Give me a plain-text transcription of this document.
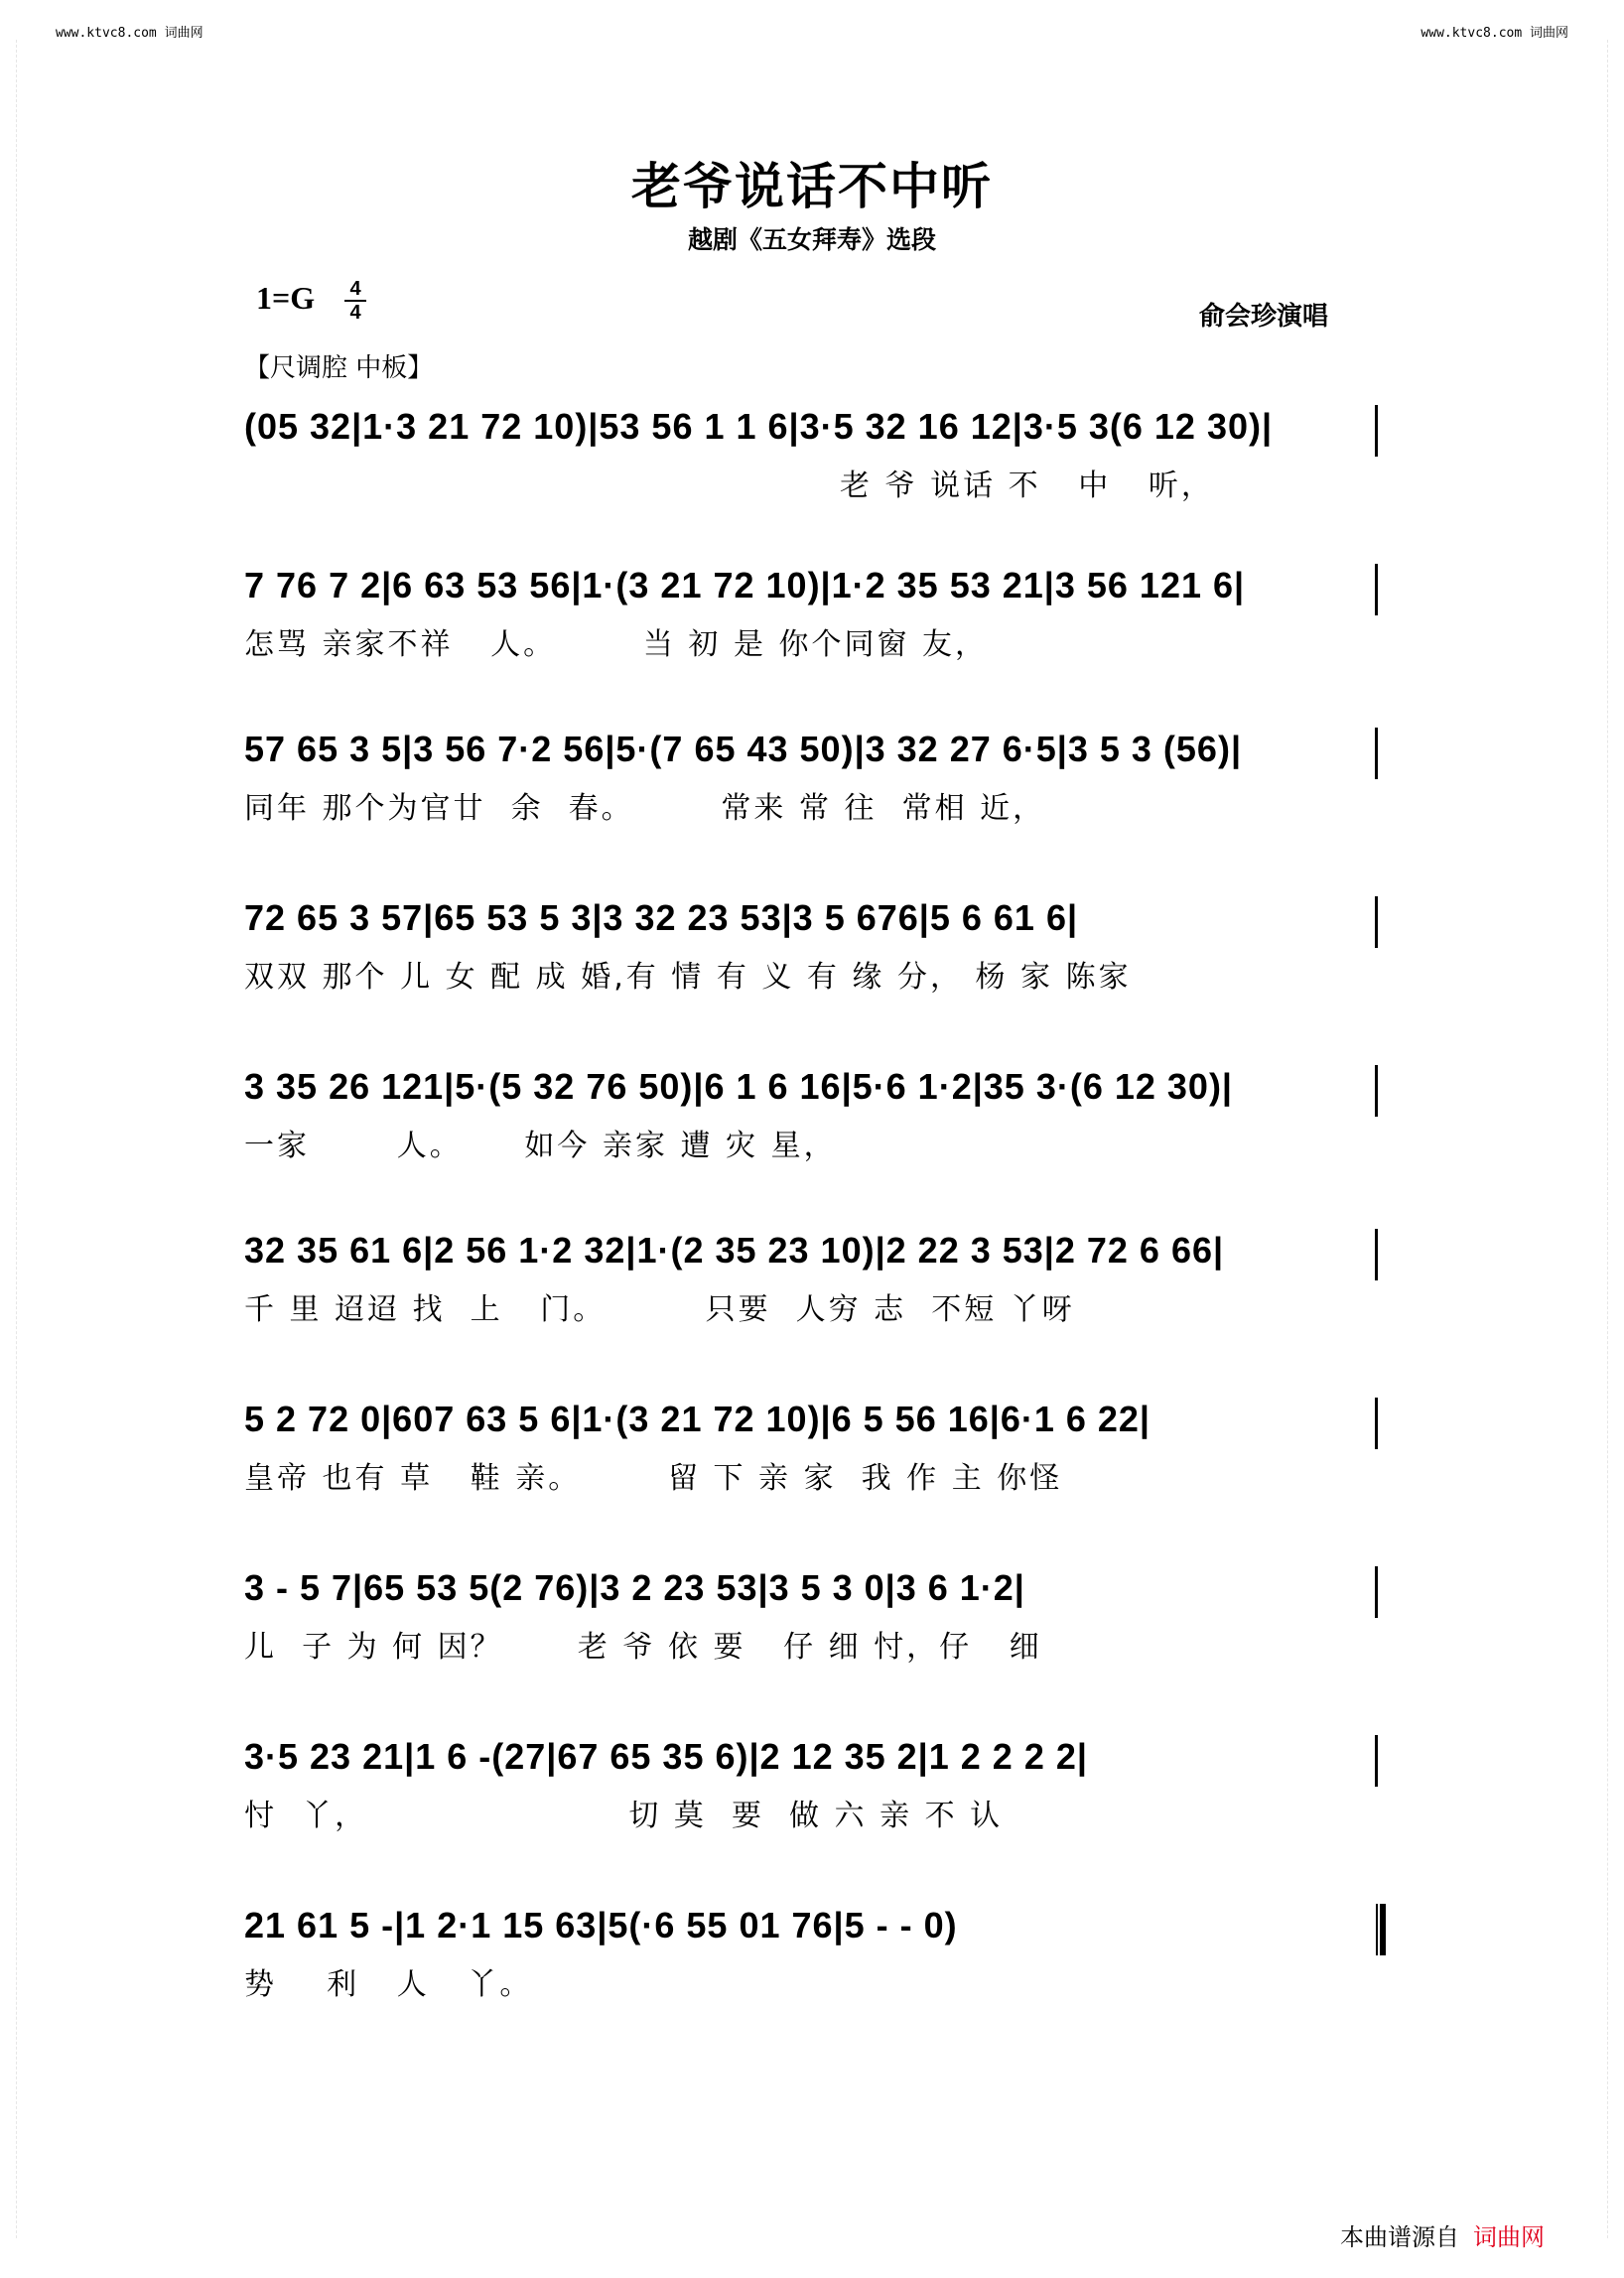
www.ktvc8.com 词曲网	www.ktvc8.com 词曲网
老爷说话不中听
越剧《五女拜寿》选段
1=G 4
4	俞会珍演唱
【尺调腔 中板】
(05 32|1·3 21 72 10)|53 56 1 1 6|3·5 32 16 12|3·5 3(6 12 30)|
老 爷 说话 不   中   听，
7 76 7 2|6 63 53 56|1·(3 21 72 10)|1·2 35 53 21|3 56 121 6|
怎骂 亲家不祥   人。       当 初 是 你个同窗 友，
57 65 3 5|3 56 7·2 56|5·(7 65 43 50)|3 32 27 6·5|3 5 3 (56)|
同年 那个为官廿  余  春。       常来 常 往  常相 近，
72 65 3 57|65 53 5 3|3 32 23 53|3 5 676|5 6 61 6|
双双 那个 儿 女 配 成 婚,有 情 有 义 有 缘 分， 杨 家 陈家
3 35 26 121|5·(5 32 76 50)|6 1 6 16|5·6 1·2|35 3·(6 12 30)|
一家       人。     如今 亲家 遭 灾 星，
32 35 61 6|2 56 1·2 32|1·(2 35 23 10)|2 22 3 53|2 72 6 66|
千 里 迢迢 找  上   门。        只要  人穷 志  不短 丫呀
5 2 72 0|607 63 5 6|1·(3 21 72 10)|6 5 56 16|6·1 6 22|
皇帝 也有 草   鞋 亲。       留 下 亲 家  我 作 主 你怪
3 - 5 7|65 53 5(2 76)|3 2 23 53|3 5 3 0|3 6 1·2|
儿  子 为 何 因？      老 爷 依 要   仔 细 忖，仔   细
3·5 23 21|1 6 -(27|67 65 35 6)|2 12 35 2|1 2 2 2 2|
忖  丫，                     切 莫  要  做 六 亲 不 认
21 61 5 -|1 2·1 15 63|5(·6 55 01 76|5 - - 0)
势    利   人   丫。
本曲谱源自 词曲网
